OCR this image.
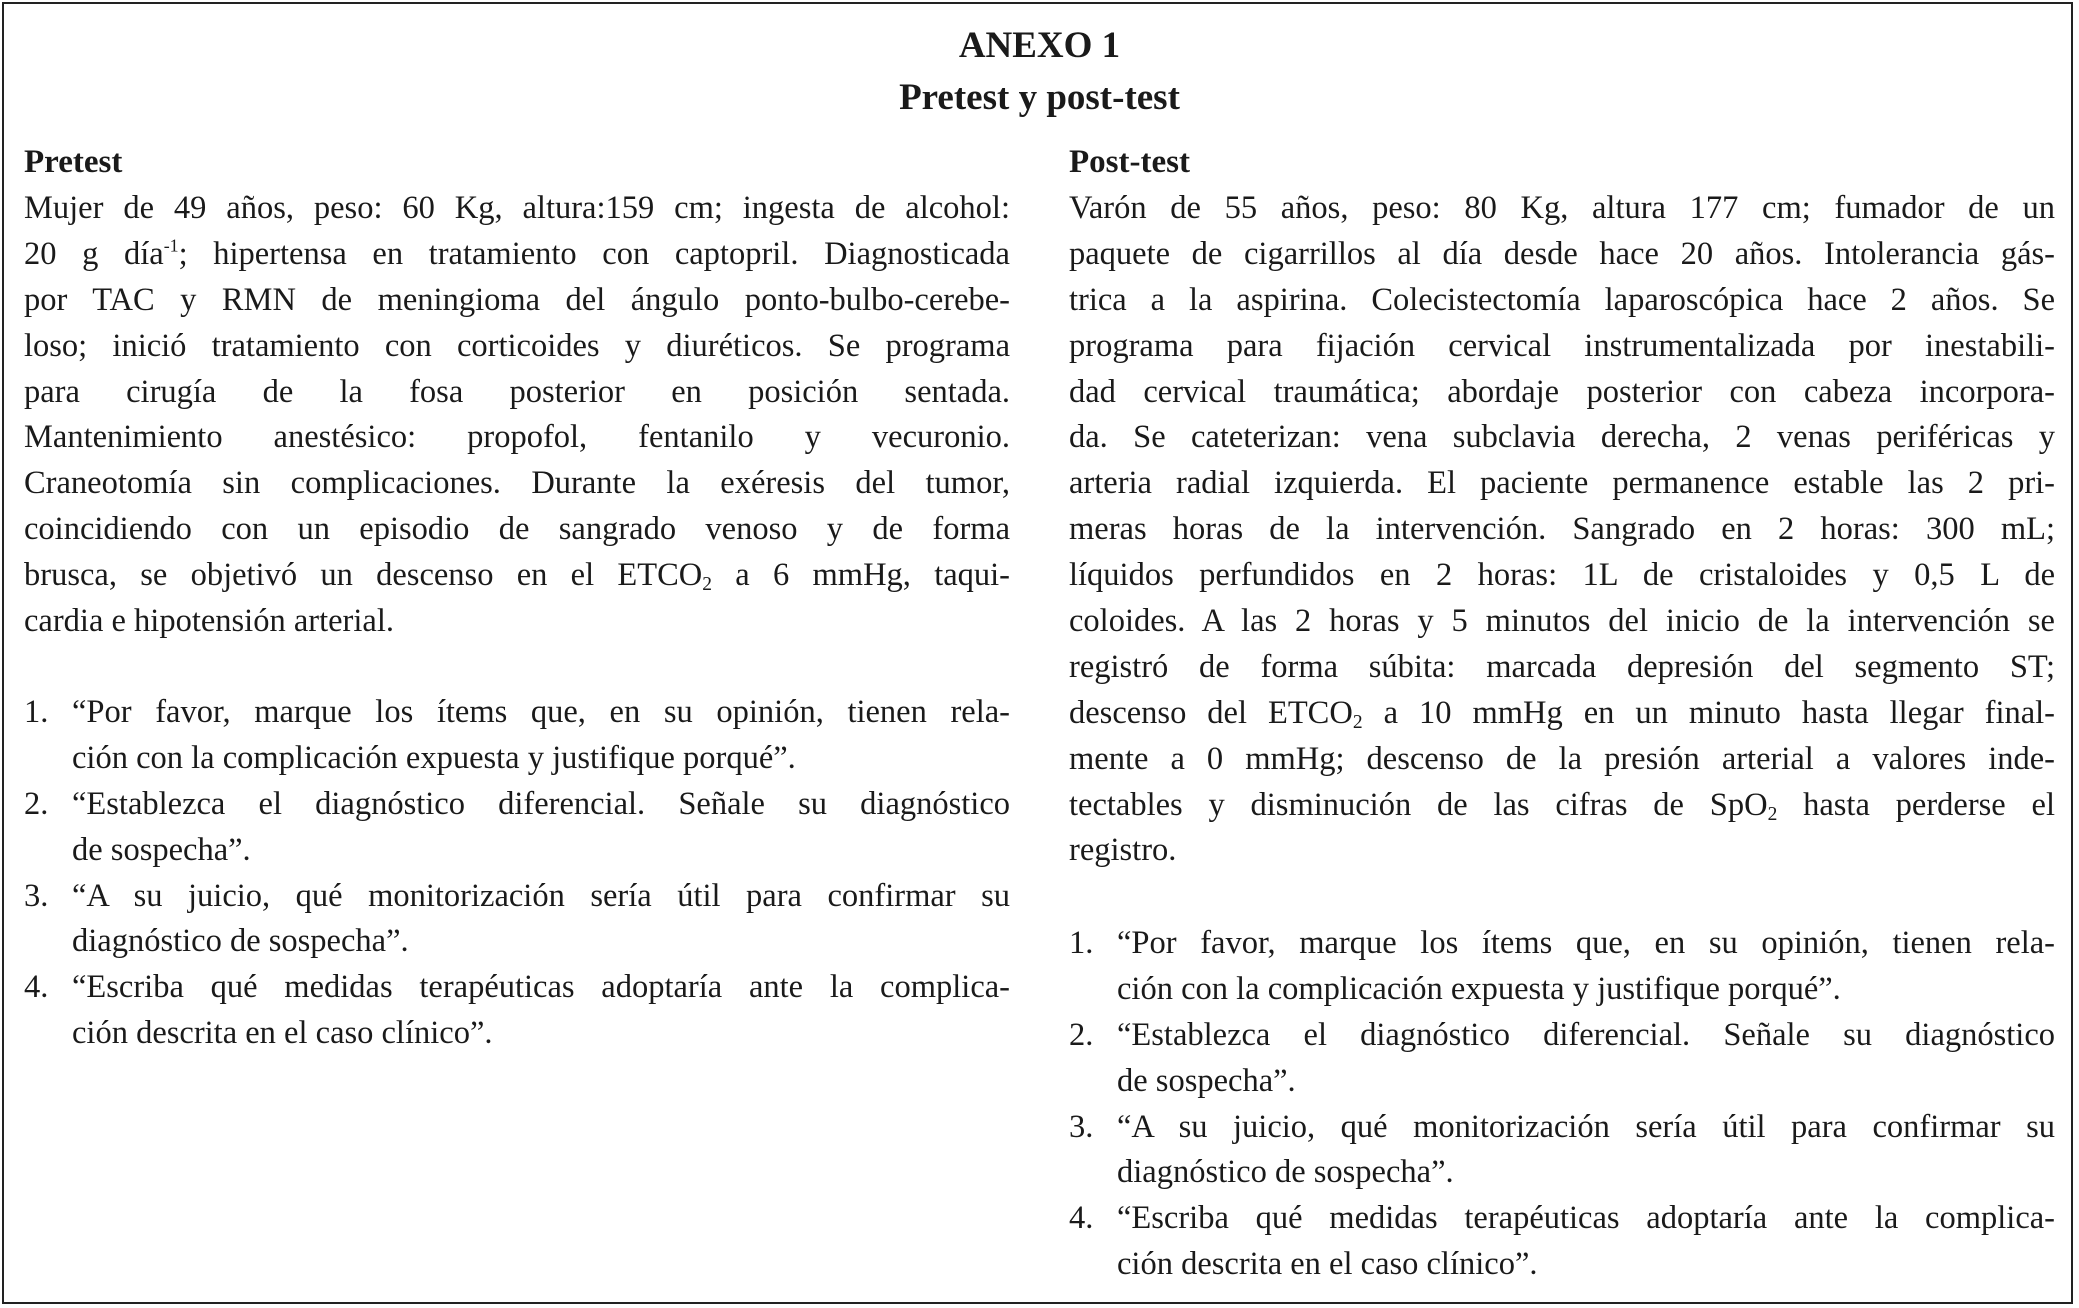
ANEXO 1
Pretest y post-test
Pretest
Mujer de 49 años, peso: 60 Kg, altura:159 cm; ingesta de alcohol:
20 g día$^{-1}$; hipertensa en tratamiento con captopril. Diagnosticada
por TAC y RMN de meningioma del ángulo ponto-bulbo-cerebe-
loso; inició tratamiento con corticoides y diuréticos. Se programa
para cirugía de la fosa posterior en posición sentada.
Mantenimiento anestésico: propofol, fentanilo y vecuronio.
Craneotomía sin complicaciones. Durante la exéresis del tumor,
coincidiendo con un episodio de sangrado venoso y de forma
brusca, se objetivó un descenso en el $ETCO_2$ a 6 mmHg, taqui-
cardia e hipotensión arterial.
1. “Por favor, marque los ítems que, en su opinión, tienen rela-
ción con la complicación expuesta y justifique porqué”.
2. “Establezca el diagnóstico diferencial. Señale su diagnóstico
de sospecha”.
3. “A su juicio, qué monitorización sería útil para confirmar su
diagnóstico de sospecha”.
4. “Escriba qué medidas terapéuticas adoptaría ante la complica-
ción descrita en el caso clínico”.
Post-test
Varón de 55 años, peso: 80 Kg, altura 177 cm; fumador de un
paquete de cigarrillos al día desde hace 20 años. Intolerancia gás-
trica a la aspirina. Colecistectomía laparoscópica hace 2 años. Se
programa para fijación cervical instrumentalizada por inestabili-
dad cervical traumática; abordaje posterior con cabeza incorpora-
da. Se cateterizan: vena subclavia derecha, 2 venas periféricas y
arteria radial izquierda. El paciente permanence estable las 2 pri-
meras horas de la intervención. Sangrado en 2 horas: 300 mL;
líquidos perfundidos en 2 horas: 1L de cristaloides y 0,5 L de
coloides. A las 2 horas y 5 minutos del inicio de la intervención se
registró de forma súbita: marcada depresión del segmento ST;
descenso del $ETCO_2$ a 10 mmHg en un minuto hasta llegar final-
mente a 0 mmHg; descenso de la presión arterial a valores inde-
tectables y disminución de las cifras de SpO$_2$ hasta perderse el
registro.
1. “Por favor, marque los ítems que, en su opinión, tienen rela-
ción con la complicación expuesta y justifique porqué”.
2. “Establezca el diagnóstico diferencial. Señale su diagnóstico
de sospecha”.
3. “A su juicio, qué monitorización sería útil para confirmar su
diagnóstico de sospecha”.
4. “Escriba qué medidas terapéuticas adoptaría ante la complica-
ción descrita en el caso clínico”.
